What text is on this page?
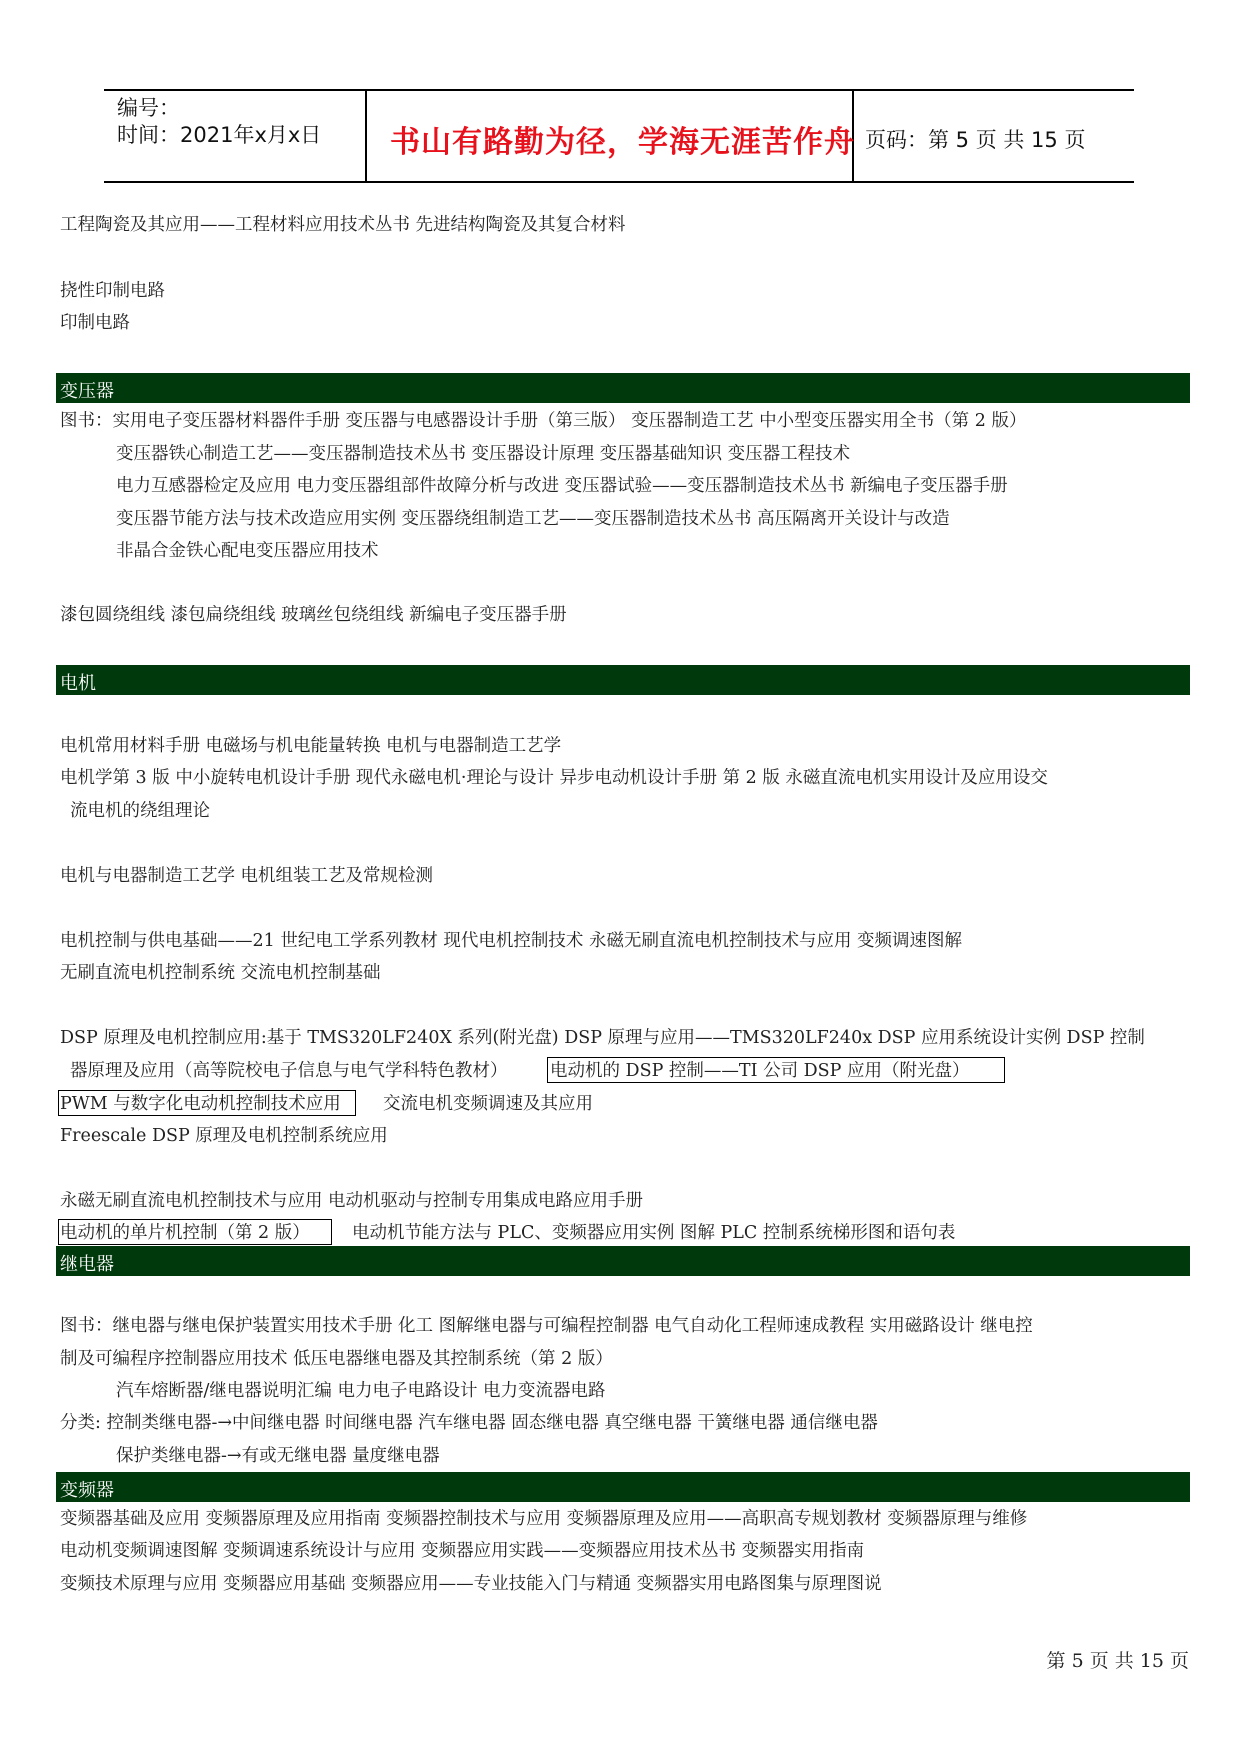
编号：
时间：2021年x月x日 书山有路勤为径，学海无涯苦作舟 页码：第 5 页 共 15 页
工程陶瓷及其应用——工程材料应用技术丛书 先进结构陶瓷及其复合材料
挠性印制电路
印制电路
变压器
图书：实用电子变压器材料器件手册 变压器与电感器设计手册（第三版） 变压器制造工艺 中小型变压器实用全书（第 2 版）
变压器铁心制造工艺——变压器制造技术丛书 变压器设计原理 变压器基础知识 变压器工程技术
电力互感器检定及应用 电力变压器组部件故障分析与改进 变压器试验——变压器制造技术丛书 新编电子变压器手册
变压器节能方法与技术改造应用实例 变压器绕组制造工艺——变压器制造技术丛书 高压隔离开关设计与改造
非晶合金铁心配电变压器应用技术
漆包圆绕组线 漆包扁绕组线 玻璃丝包绕组线 新编电子变压器手册
电机
电机常用材料手册 电磁场与机电能量转换 电机与电器制造工艺学
电机学第 3 版 中小旋转电机设计手册 现代永磁电机·理论与设计 异步电动机设计手册 第 2 版 永磁直流电机实用设计及应用设交
流电机的绕组理论
电机与电器制造工艺学 电机组装工艺及常规检测
电机控制与供电基础——21 世纪电工学系列教材 现代电机控制技术 永磁无刷直流电机控制技术与应用 变频调速图解
无刷直流电机控制系统 交流电机控制基础
DSP 原理及电机控制应用:基于 TMS320LF240X 系列(附光盘) DSP 原理与应用——TMS320LF240x DSP 应用系统设计实例 DSP 控制
器原理及应用（高等院校电子信息与电气学科特色教材） 电动机的 DSP 控制——TI 公司 DSP 应用（附光盘）
PWM 与数字化电动机控制技术应用 交流电机变频调速及其应用
Freescale DSP 原理及电机控制系统应用
永磁无刷直流电机控制技术与应用 电动机驱动与控制专用集成电路应用手册
电动机的单片机控制（第 2 版） 电动机节能方法与 PLC、变频器应用实例 图解 PLC 控制系统梯形图和语句表
继电器
图书：继电器与继电保护装置实用技术手册 化工 图解继电器与可编程控制器 电气自动化工程师速成教程 实用磁路设计 继电控
制及可编程序控制器应用技术 低压电器继电器及其控制系统（第 2 版）
汽车熔断器/继电器说明汇编 电力电子电路设计 电力变流器电路
分类: 控制类继电器-→中间继电器 时间继电器 汽车继电器 固态继电器 真空继电器 干簧继电器 通信继电器
保护类继电器-→有或无继电器 量度继电器
变频器
变频器基础及应用 变频器原理及应用指南 变频器控制技术与应用 变频器原理及应用——高职高专规划教材 变频器原理与维修
电动机变频调速图解 变频调速系统设计与应用 变频器应用实践——变频器应用技术丛书 变频器实用指南
变频技术原理与应用 变频器应用基础 变频器应用——专业技能入门与精通 变频器实用电路图集与原理图说
第 5 页 共 15 页
